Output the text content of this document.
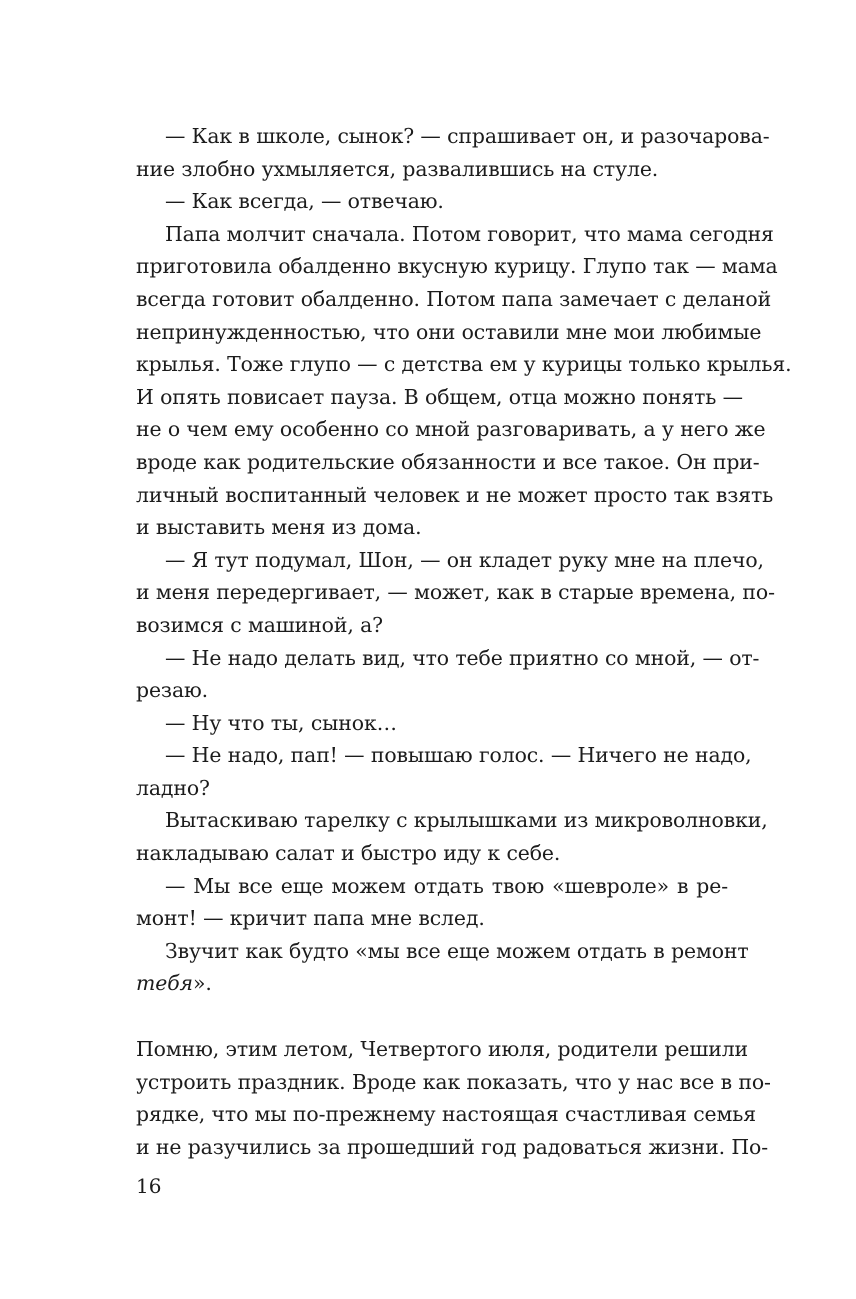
— Как в школе, сынок? — спрашивает он, и разочарова-
ние злобно ухмыляется, развалившись на стуле.
— Как всегда, — отвечаю.
Папа молчит сначала. Потом говорит, что мама сегодня
приготовила обалденно вкусную курицу. Глупо так — мама
всегда готовит обалденно. Потом папа замечает с деланой
непринужденностью, что они оставили мне мои любимые
крылья. Тоже глупо — с детства ем у курицы только крылья.
И опять повисает пауза. В общем, отца можно понять —
не о чем ему особенно со мной разговаривать, а у него же
вроде как родительские обязанности и все такое. Он при-
личный воспитанный человек и не может просто так взять
и выставить меня из дома.
— Я тут подумал, Шон, — он кладет руку мне на плечо,
и меня передергивает, — может, как в старые времена, по-
возимся с машиной, а?
— Не надо делать вид, что тебе приятно со мной, — от-
резаю.
— Ну что ты, сынок…
— Не надо, пап! — повышаю голос. — Ничего не надо,
ладно?
Вытаскиваю тарелку с крылышками из микроволновки,
накладываю салат и быстро иду к себе.
— Мы все еще можем отдать твою «шевроле» в ре-
монт! — кричит папа мне вслед.
Звучит как будто «мы все еще можем отдать в ремонт
тебя».
Помню, этим летом, Четвертого июля, родители решили
устроить праздник. Вроде как показать, что у нас все в по-
рядке, что мы по-прежнему настоящая счастливая семья
и не разучились за прошедший год радоваться жизни. По-
16
